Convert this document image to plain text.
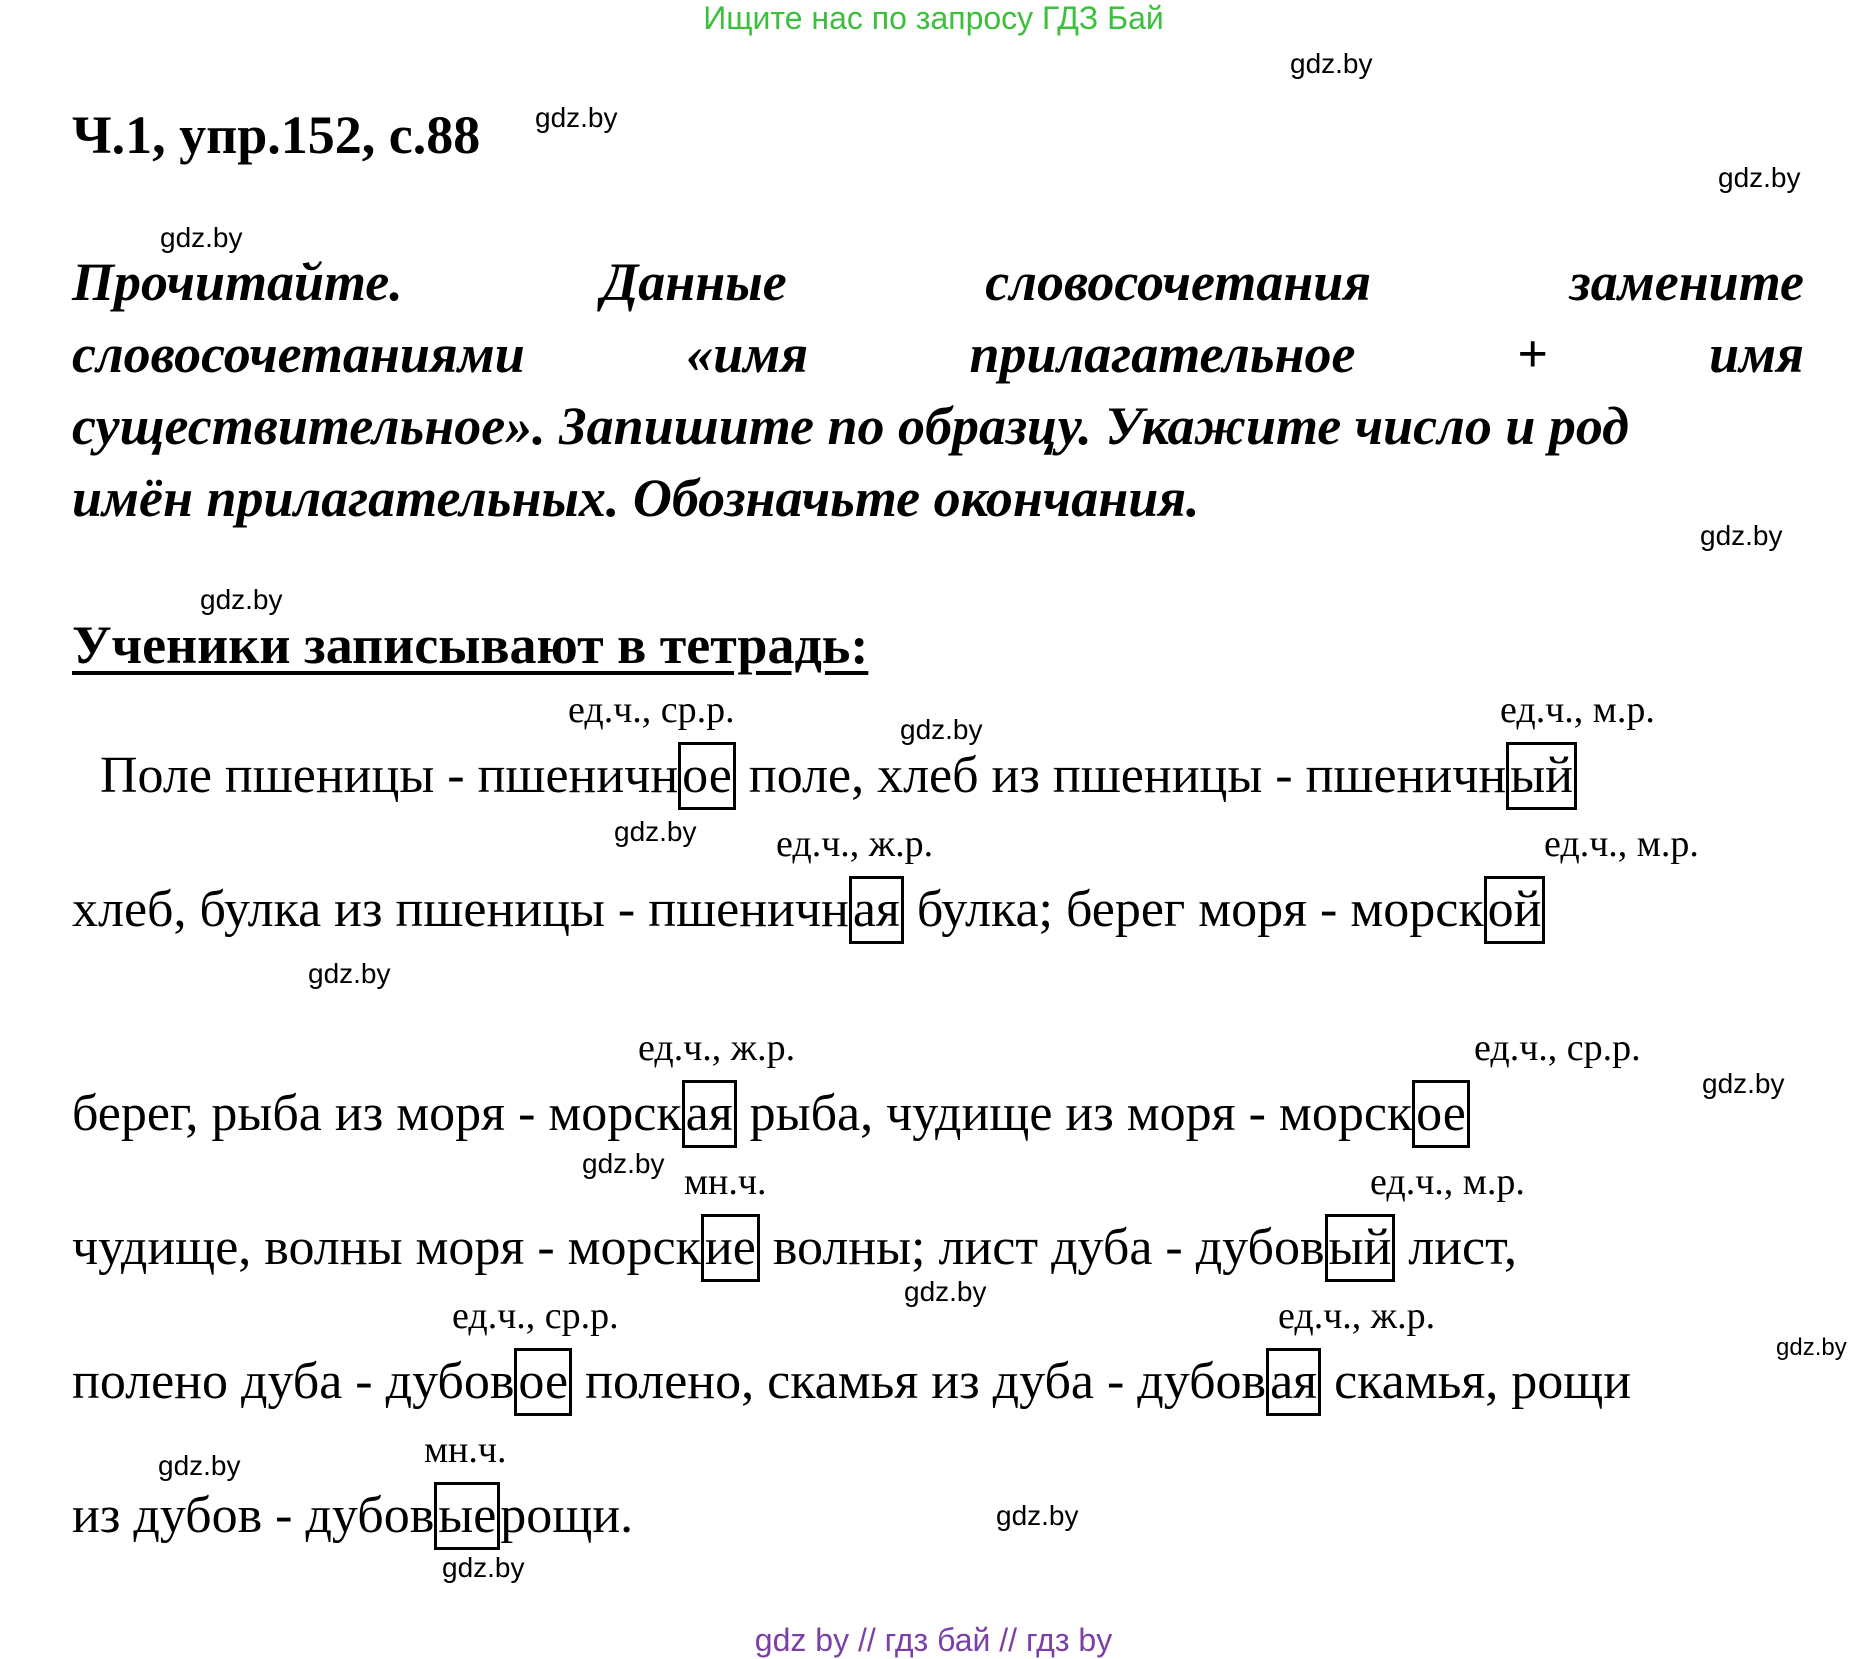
Ищите нас по запросу ГДЗ Бай
Ч.1, упр.152, с.88
gdz.by
gdz.by
gdz.by
gdz.by
gdz.by
gdz.by
gdz.by
gdz.by
gdz.by
gdz.by
gdz.by
gdz.by
gdz.by
gdz.by
gdz.by
gdz.by
Прочитайте.	Данные	словосочетания	замените
словосочетаниями	«имя	прилагательное	+	имя
существительное». Запишите по образцу. Укажите число и род
имён прилагательных. Обозначьте окончания.
Ученики записывают в тетрадь:
ед.ч., ср.р.	ед.ч., м.р.
ед.ч., ж.р.	ед.ч., м.р.
ед.ч., ж.р.	ед.ч., ср.р.
мн.ч.	ед.ч., м.р.
ед.ч., ср.р.	ед.ч., ж.р.
мн.ч.
Поле пшеницы - пшеничное поле, хлеб из пшеницы - пшеничный
хлеб, булка из пшеницы - пшеничная булка; берег моря - морской
берег, рыба из моря - морская рыба, чудище из моря - морское
чудище, волны моря - морские волны; лист дуба - дубовый лист,
полено дуба - дубовое полено, скамья из дуба - дубовая скамья, рощи
из дубов - дубовыерощи.
gdz by // гдз бай // гдз by
